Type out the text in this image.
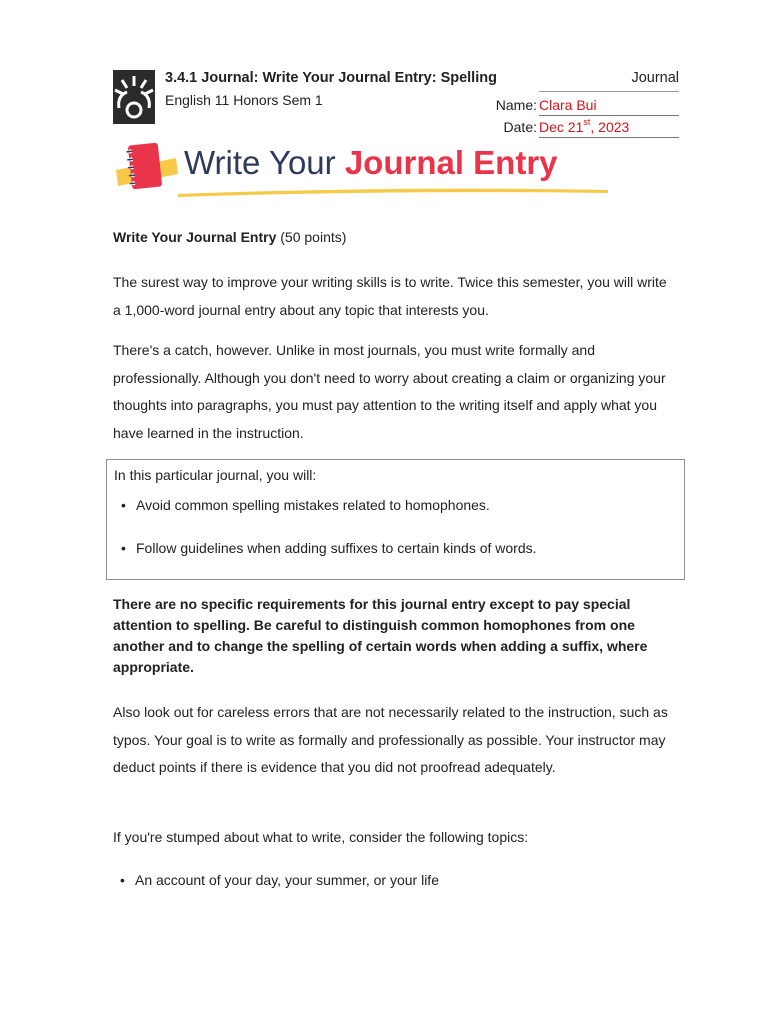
3.4.1 Journal: Write Your Journal Entry: Spelling
English 11 Honors Sem 1
Journal
Name: Clara Bui
Date: Dec 21st, 2023
Write Your Journal Entry
Write Your Journal Entry (50 points)

The surest way to improve your writing skills is to write. Twice this semester, you will write a 1,000-word journal entry about any topic that interests you.

There's a catch, however. Unlike in most journals, you must write formally and professionally. Although you don't need to worry about creating a claim or organizing your thoughts into paragraphs, you must pay attention to the writing itself and apply what you have learned in the instruction.

In this particular journal, you will:
• Avoid common spelling mistakes related to homophones.
• Follow guidelines when adding suffixes to certain kinds of words.
There are no specific requirements for this journal entry except to pay special attention to spelling. Be careful to distinguish common homophones from one another and to change the spelling of certain words when adding a suffix, where appropriate.
Also look out for careless errors that are not necessarily related to the instruction, such as typos. Your goal is to write as formally and professionally as possible. Your instructor may deduct points if there is evidence that you did not proofread adequately.
If you're stumped about what to write, consider the following topics:
• An account of your day, your summer, or your life
